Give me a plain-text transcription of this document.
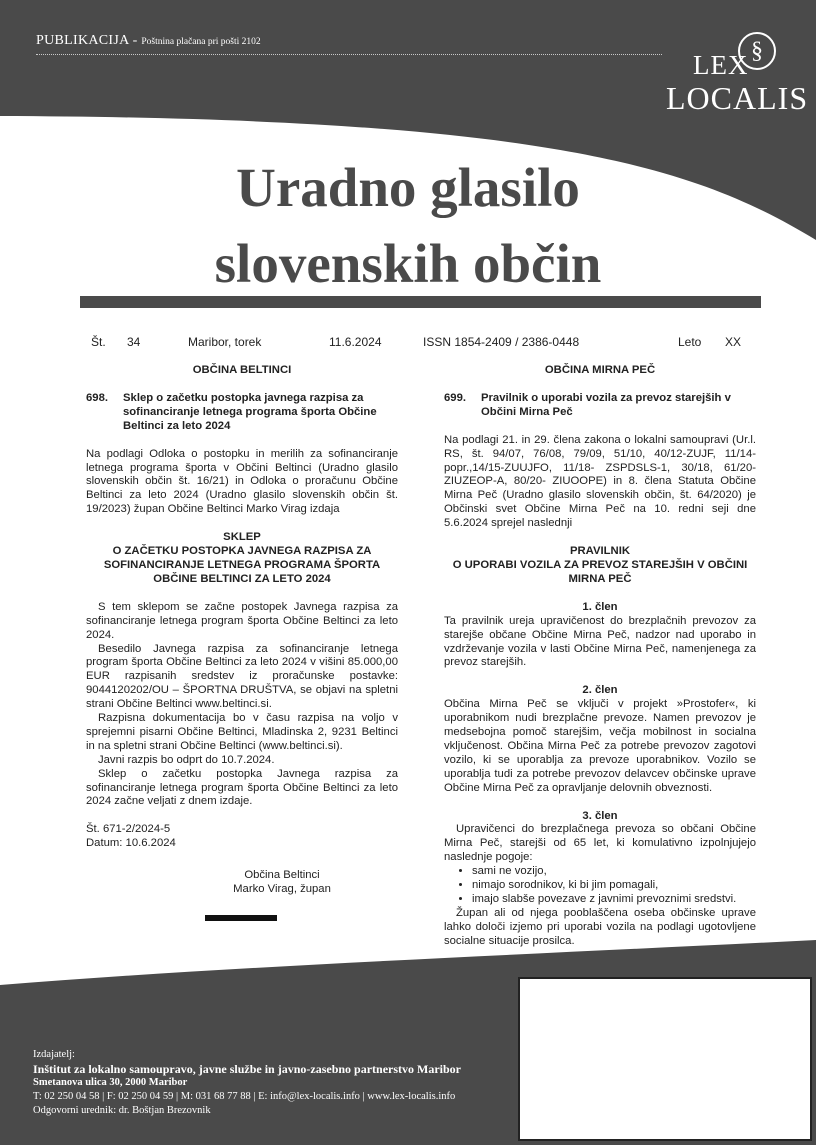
PUBLIKACIJA - Poštnina plačana pri pošti 2102	§
LEX
LOCALIS
Uradno glasilo
slovenskih občin
Št. 34	Maribor, torek	11.6.2024	ISSN 1854-2409 / 2386-0448	Leto XX

OBČINA BELTINCI

698.	Sklep o začetku postopka javnega razpisa za sofinanciranje letnega programa športa Občine Beltinci za leto 2024

Na podlagi Odloka o postopku in merilih za sofinanciranje letnega programa športa v Občini Beltinci (Uradno glasilo slovenskih občin št. 16/21) in Odloka o proračunu Občine Beltinci za leto 2024 (Uradno glasilo slovenskih občin št. 19/2023) župan Občine Beltinci Marko Virag izdaja

SKLEP

O ZAČETKU POSTOPKA JAVNEGA RAZPISA ZA SOFINANCIRANJE LETNEGA PROGRAMA ŠPORTA OBČINE BELTINCI ZA LETO 2024

S tem sklepom se začne postopek Javnega razpisa za sofinanciranje letnega program športa Občine Beltinci za leto 2024.

Besedilo Javnega razpisa za sofinanciranje letnega program športa Občine Beltinci za leto 2024 v višini 85.000,00 EUR razpisanih sredstev iz proračunske postavke: 9044120202/OU – ŠPORTNA DRUŠTVA, se objavi na spletni strani Občine Beltinci www.beltinci.si.

Razpisna dokumentacija bo v času razpisa na voljo v sprejemni pisarni Občine Beltinci, Mladinska 2, 9231 Beltinci in na spletni strani Občine Beltinci (www.beltinci.si).

Javni razpis bo odprt do 10.7.2024.

Sklep o začetku postopka Javnega razpisa za sofinanciranje letnega program športa Občine Beltinci za leto 2024 začne veljati z dnem izdaje.

Št. 671-2/2024-5

Datum: 10.6.2024

Občina Beltinci

Marko Virag, župan

OBČINA MIRNA PEČ

699.	Pravilnik o uporabi vozila za prevoz starejših v Občini Mirna Peč

Na podlagi 21. in 29. člena zakona o lokalni samoupravi (Ur.l. RS, št. 94/07, 76/08, 79/09, 51/10, 40/12-ZUJF, 11/14-popr.,14/15-ZUUJFO, 11/18- ZSPDSLS-1, 30/18, 61/20-ZIUZEOP-A, 80/20- ZIUOOPE) in 8. člena Statuta Občine Mirna Peč (Uradno glasilo slovenskih občin, št. 64/2020) je Občinski svet Občine Mirna Peč na 10. redni seji dne 5.6.2024 sprejel naslednji

PRAVILNIK

O UPORABI VOZILA ZA PREVOZ STAREJŠIH V OBČINI MIRNA PEČ

1. člen

Ta pravilnik ureja upravičenost do brezplačnih prevozov za starejše občane Občine Mirna Peč, nadzor nad uporabo in vzdrževanje vozila v lasti Občine Mirna Peč, namenjenega za prevoz starejših.

2. člen

Občina Mirna Peč se vključi v projekt »Prostofer«, ki uporabnikom nudi brezplačne prevoze. Namen prevozov je medsebojna pomoč starejšim, večja mobilnost in socialna vključenost. Občina Mirna Peč za potrebe prevozov zagotovi vozilo, ki se uporablja za prevoze uporabnikov. Vozilo se uporablja tudi za potrebe prevozov delavcev občinske uprave Občine Mirna Peč za opravljanje delovnih obveznosti.

3. člen

Upravičenci do brezplačnega prevoza so občani Občine Mirna Peč, starejši od 65 let, ki komulativno izpolnjujejo naslednje pogoje:

• sami ne vozijo,
• nimajo sorodnikov, ki bi jim pomagali,
• imajo slabše povezave z javnimi prevoznimi sredstvi.

Župan ali od njega pooblaščena oseba občinske uprave lahko določi izjemo pri uporabi vozila na podlagi ugotovljene socialne situacije prosilca.

Izdajatelj:
Inštitut za lokalno samoupravo, javne službe in javno-zasebno partnerstvo Maribor
Smetanova ulica 30, 2000 Maribor
T: 02 250 04 58 | F: 02 250 04 59 | M: 031 68 77 88 | E: info@lex-localis.info | www.lex-localis.info
Odgovorni urednik: dr. Boštjan Brezovnik
